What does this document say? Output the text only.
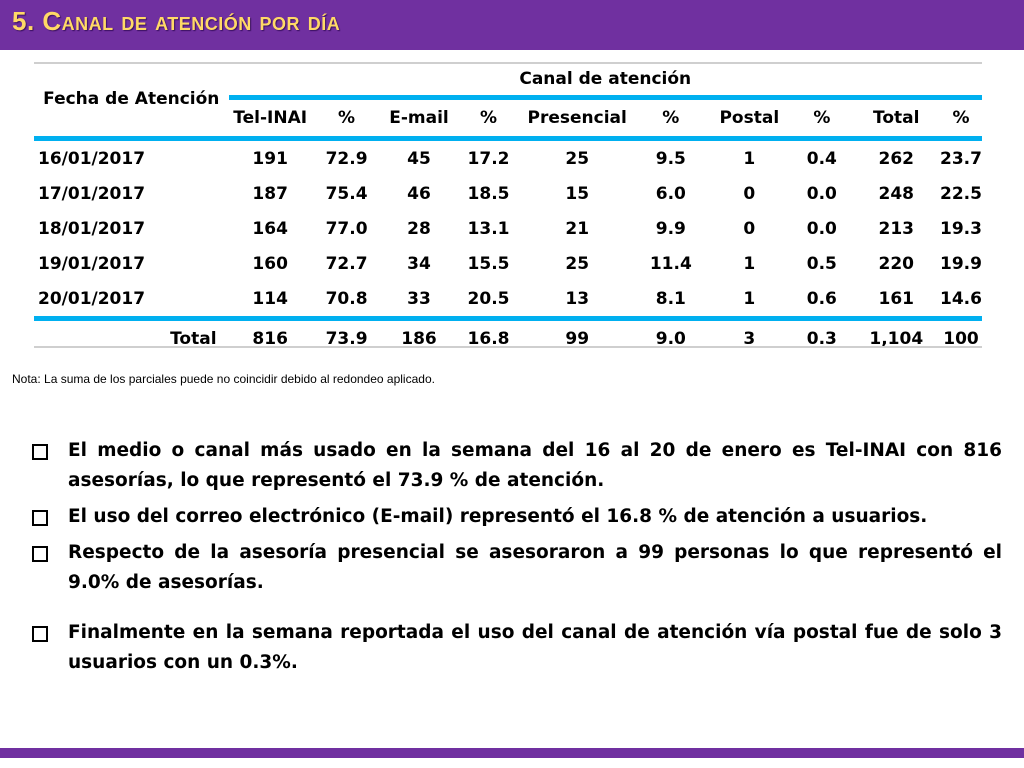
5. Canal de atención por día
Fecha de Atención	Canal de atención									
	Tel-INAI	%	E-mail	%	Presencial	%	Postal	%	Total	%
16/01/2017	191	72.9	45	17.2	25	9.5	1	0.4	262	23.7
17/01/2017	187	75.4	46	18.5	15	6.0	0	0.0	248	22.5
18/01/2017	164	77.0	28	13.1	21	9.9	0	0.0	213	19.3
19/01/2017	160	72.7	34	15.5	25	11.4	1	0.5	220	19.9
20/01/2017	114	70.8	33	20.5	13	8.1	1	0.6	161	14.6
Total	816	73.9	186	16.8	99	9.0	3	0.3	1,104	100
Nota: La suma de los parciales puede no coincidir debido al redondeo aplicado.
El medio o canal más usado en la semana del 16 al 20 de enero es Tel-INAI con 816 asesorías, lo que representó el 73.9 % de atención.
El uso del correo electrónico (E-mail) representó el 16.8 % de atención a usuarios.
Respecto de la asesoría presencial se asesoraron a 99 personas lo que representó el 9.0% de asesorías.
Finalmente en la semana reportada el uso del canal de atención vía postal fue de solo 3 usuarios con un 0.3%.
